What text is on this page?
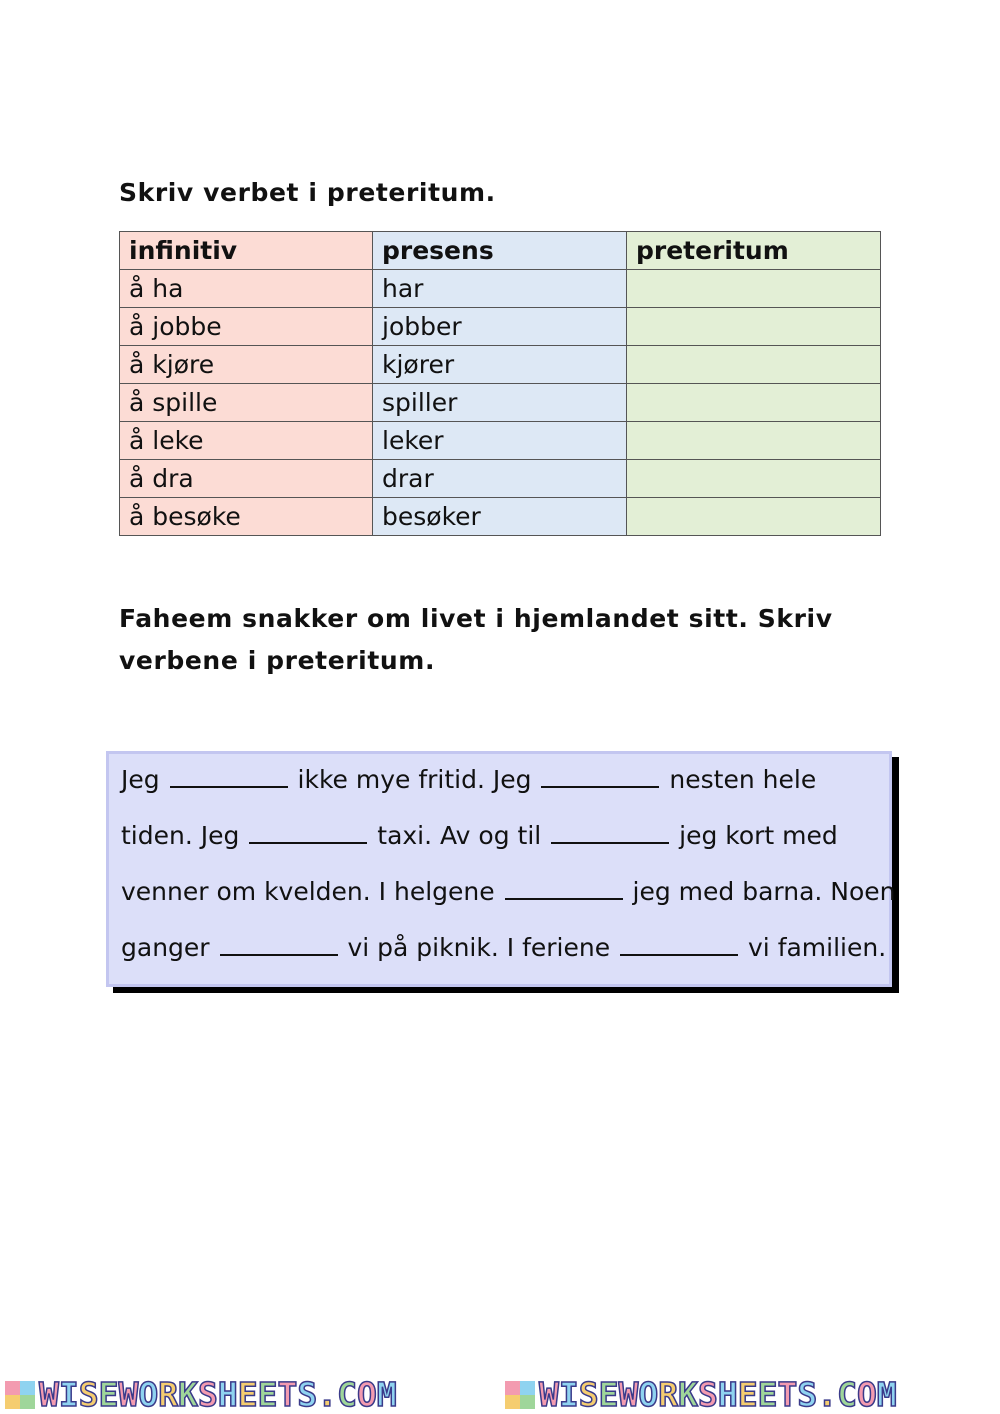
Skriv verbet i preteritum.
infinitiv	presens	preteritum
å ha	har	
å jobbe	jobber	
å kjøre	kjører	
å spille	spiller	
å leke	leker	
å dra	drar	
å besøke	besøker	
Faheem snakker om livet i hjemlandet sitt. Skriv verbene i preteritum.
Jeg	ikke mye fritid. Jeg	nesten hele
tiden. Jeg	taxi. Av og til	jeg kort med
venner om kvelden. I helgene	jeg med barna. Noen
ganger	vi på piknik. I feriene	vi familien.
WISEWORKSHEETS.COM	WISEWORKSHEETS.COM
